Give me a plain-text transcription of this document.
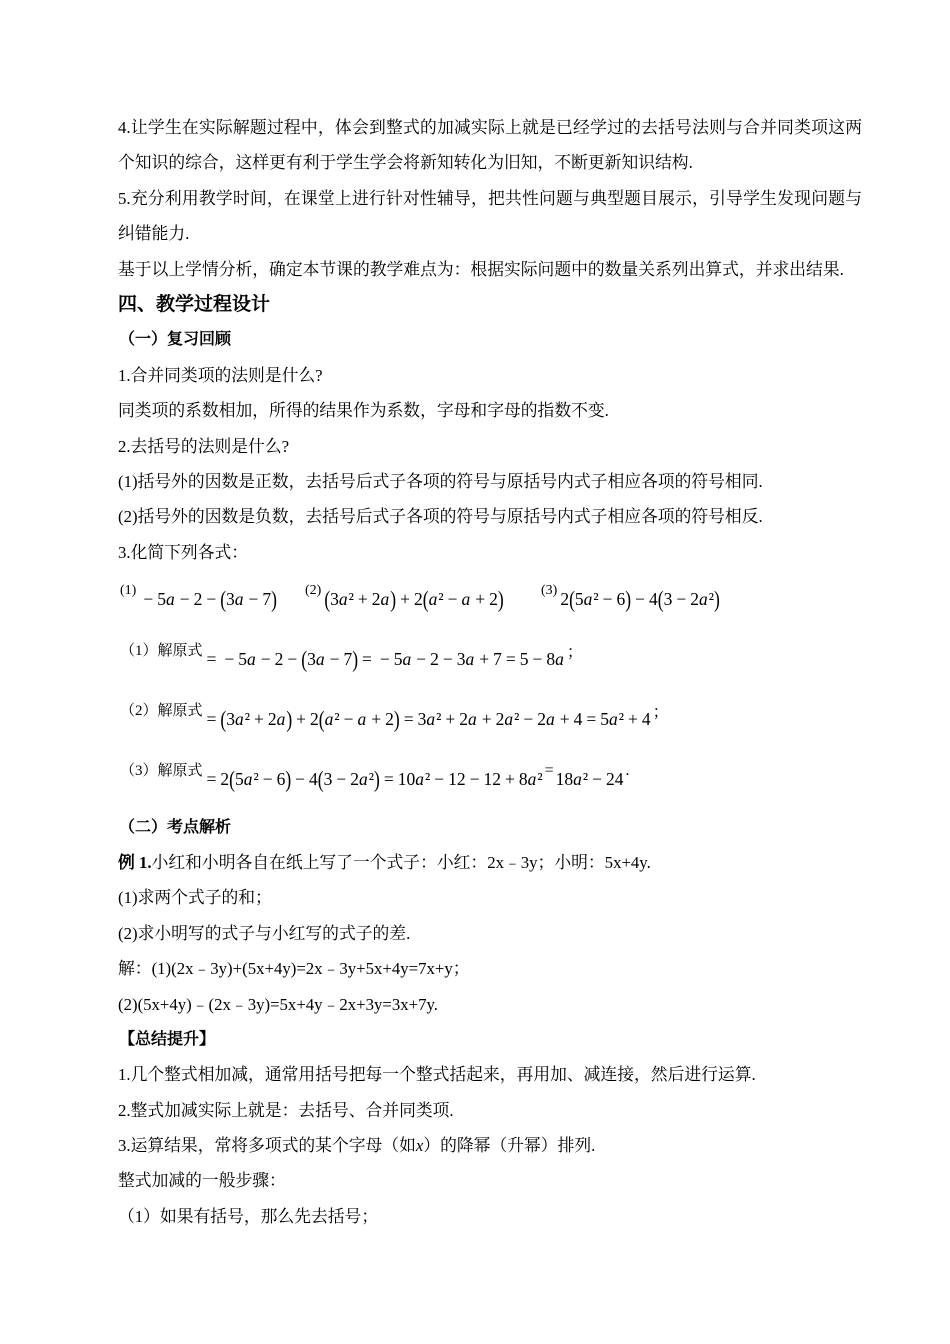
4.让学生在实际解题过程中，体会到整式的加减实际上就是已经学过的去括号法则与合并同类项这两
个知识的综合，这样更有利于学生学会将新知转化为旧知，不断更新知识结构.
5.充分利用教学时间，在课堂上进行针对性辅导，把共性问题与典型题目展示，引导学生发现问题与
纠错能力.
基于以上学情分析，确定本节课的教学难点为：根据实际问题中的数量关系列出算式，并求出结果.
四、教学过程设计
（一）复习回顾
1.合并同类项的法则是什么?
同类项的系数相加，所得的结果作为系数，字母和字母的指数不变.
2.去括号的法则是什么?
(1)括号外的因数是正数，去括号后式子各项的符号与原括号内式子相应各项的符号相同.
(2)括号外的因数是负数，去括号后式子各项的符号与原括号内式子相应各项的符号相反.
3.化简下列各式：
(1) − 5a − 2 − (3a − 7) (2) (3a² + 2a) + 2(a² − a + 2)	(3) 2(5a² − 6) − 4(3 − 2a²)
（1）解原式 = − 5a − 2 − (3a − 7) = − 5a − 2 − 3a + 7 = 5 − 8a ；
（2）解原式 = (3a² + 2a) + 2(a² − a + 2) = 3a² + 2a + 2a² − 2a + 4 = 5a² + 4 ；
（3）解原式 = 2(5a² − 6) − 4(3 − 2a²) = 10a² − 12 − 12 + 8a² = 18a² − 24 .
（二）考点解析
例 1.小红和小明各自在纸上写了一个式子：小红：2x﹣3y；小明：5x+4y.
(1)求两个式子的和；
(2)求小明写的式子与小红写的式子的差.
解：(1)(2x﹣3y)+(5x+4y)=2x﹣3y+5x+4y=7x+y；
(2)(5x+4y)﹣(2x﹣3y)=5x+4y﹣2x+3y=3x+7y.
【总结提升】
1.几个整式相加减，通常用括号把每一个整式括起来，再用加、减连接，然后进行运算.
2.整式加减实际上就是：去括号、合并同类项.
3.运算结果，常将多项式的某个字母（如x）的降幂（升幂）排列.
整式加减的一般步骤：
（1）如果有括号，那么先去括号；
